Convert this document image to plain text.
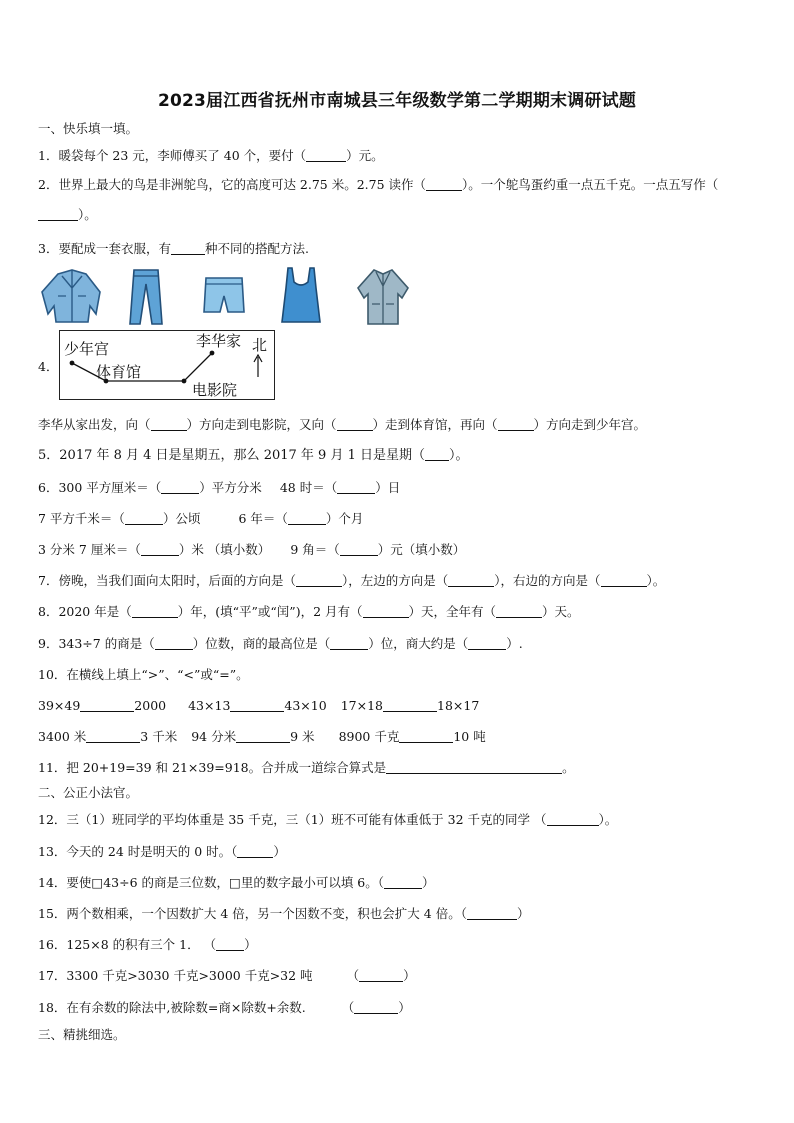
2023届江西省抚州市南城县三年级数学第二学期期末调研试题
一、快乐填一填。
1．暖袋每个 23 元，李师傅买了 40 个，要付（	）元。
2．世界上最大的鸟是非洲鸵鸟，它的高度可达 2.75 米。2.75 读作（	）。一个鸵鸟蛋约重一点五千克。一点五写作（）。
3．要配成一套衣服，有	种不同的搭配方法.
4．
少年宫
体育馆
李华家 北
电影院
李华从家出发，向（	）方向走到电影院，又向（	）走到体育馆，再向（	）方向走到少年宫。
5．2017 年 8 月 4 日是星期五，那么 2017 年 9 月 1 日是星期（ ）。
6．300 平方厘米＝（	）平方分米 48 时＝（	）日
7 平方千米＝（	）公顷	6 年＝（	）个月
3 分米 7 厘米＝（	）米 （填小数） 9 角＝（	）元（填小数）
7．傍晚，当我们面向太阳时，后面的方向是（	），左边的方向是（	），右边的方向是（	）。
8．2020 年是（	）年，(填“平”或“闰”)，2 月有（	）天，全年有（	）天。
9．343÷7 的商是（	）位数，商的最高位是（	）位，商大约是（	）.
10．在横线上填上“>”、“<”或“=”。
39×49	2000 43×13	43×10 17×18	18×17
3400 米	3 千米 94 分米	9 米 8900 千克	10 吨
11．把 20+19=39 和 21×39=918。合并成一道综合算式是	。
二、公正小法官。
12．三（1）班同学的平均体重是 35 千克，三（1）班不可能有体重低于 32 千克的同学 （	）。
13．今天的 24 时是明天的 0 时。（	）
14．要使□43÷6 的商是三位数，□里的数字最小可以填 6。（	）
15．两个数相乘，一个因数扩大 4 倍，另一个因数不变，积也会扩大 4 倍。（	）
16．125×8 的积有三个 1． （ ）
17．3300 千克>3030 千克>3000 千克>32 吨	（	）
18．在有余数的除法中,被除数=商×除数+余数.	（	）
三、精挑细选。
